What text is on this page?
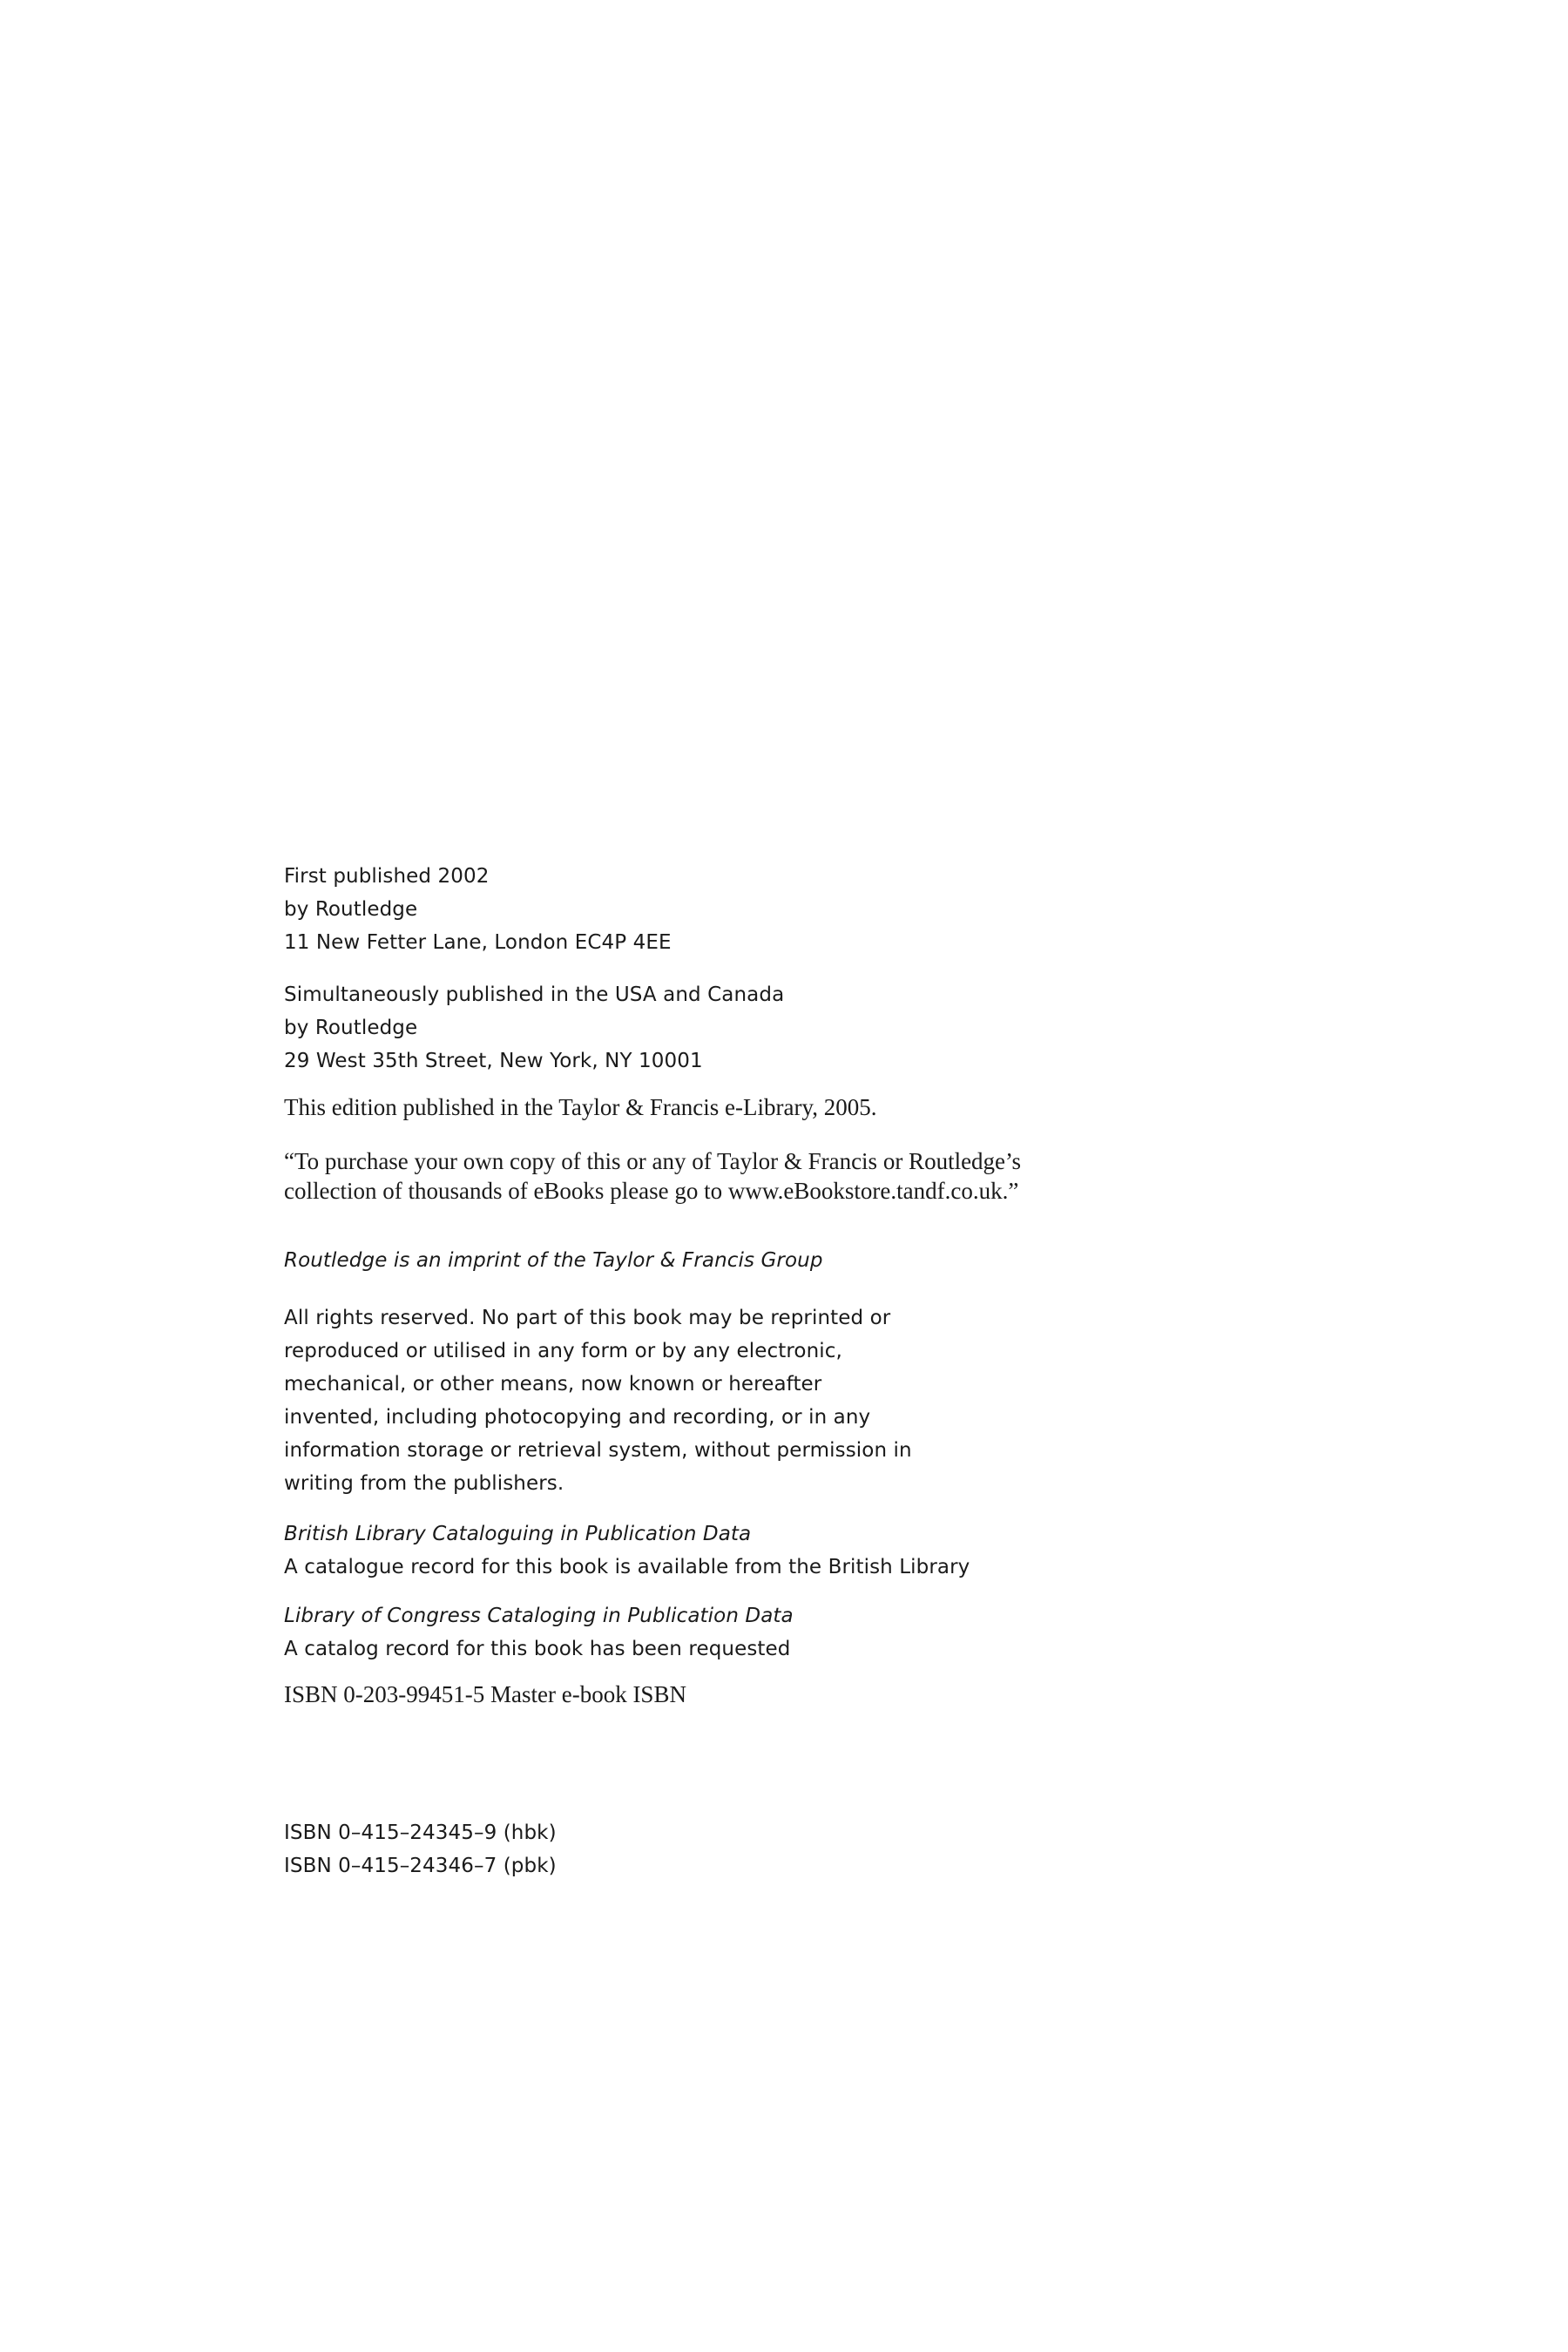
First published 2002
by Routledge
11 New Fetter Lane, London EC4P 4EE
Simultaneously published in the USA and Canada
by Routledge
29 West 35th Street, New York, NY 10001
This edition published in the Taylor & Francis e-Library, 2005.
“To purchase your own copy of this or any of Taylor & Francis or Routledge’s
collection of thousands of eBooks please go to www.eBookstore.tandf.co.uk.”
Routledge is an imprint of the Taylor & Francis Group
All rights reserved. No part of this book may be reprinted or
reproduced or utilised in any form or by any electronic,
mechanical, or other means, now known or hereafter
invented, including photocopying and recording, or in any
information storage or retrieval system, without permission in
writing from the publishers.
British Library Cataloguing in Publication Data
A catalogue record for this book is available from the British Library
Library of Congress Cataloging in Publication Data
A catalog record for this book has been requested
ISBN 0-203-99451-5 Master e-book ISBN
ISBN 0–415–24345–9 (hbk)
ISBN 0–415–24346–7 (pbk)
